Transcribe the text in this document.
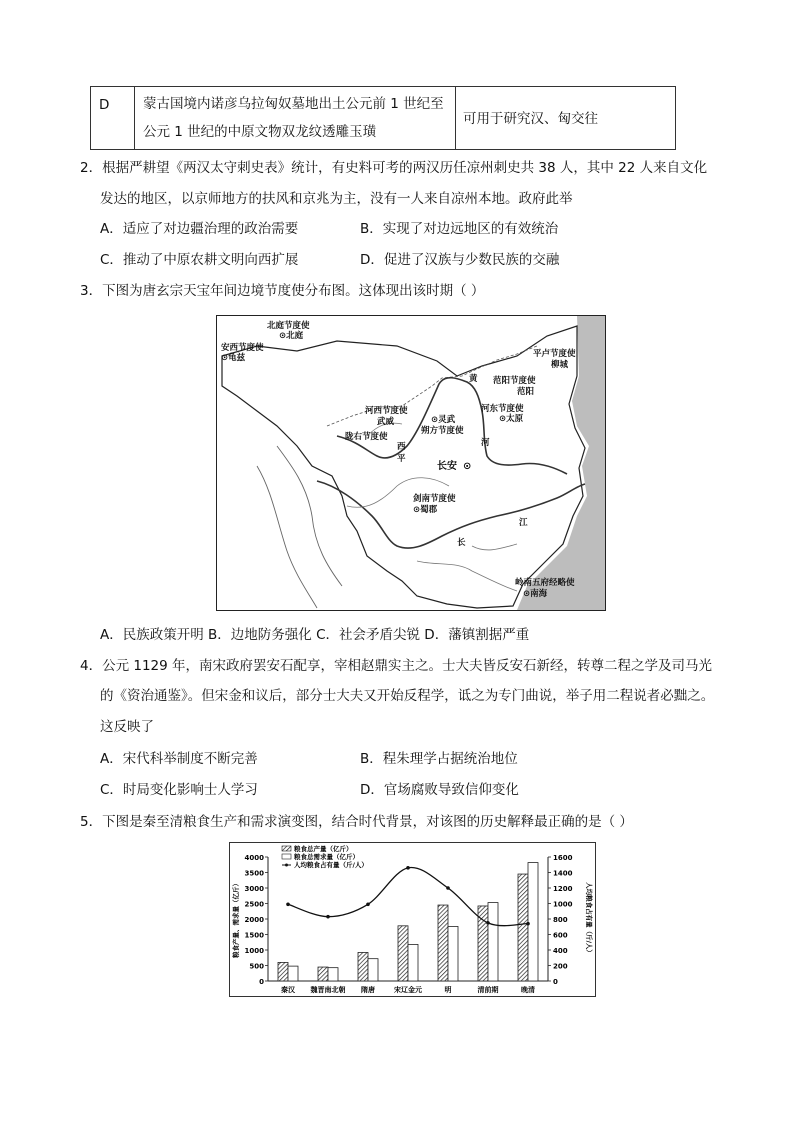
D 蒙古国境内诺彦乌拉匈奴墓地出土公元前 1 世纪至
公元 1 世纪的中原文物双龙纹透雕玉璜
可用于研究汉、匈交往
2．根据严耕望《两汉太守刺史表》统计，有史料可考的两汉历任凉州刺史共 38 人，其中 22 人来自文化
发达的地区，以京师地方的扶风和京兆为主，没有一人来自凉州本地。政府此举
A．适应了对边疆治理的政治需要	B．实现了对边远地区的有效统治
C．推动了中原农耕文明向西扩展	D．促进了汉族与少数民族的交融
3．下图为唐玄宗天宝年间边境节度使分布图。这体现出该时期（ ）
北庭节度使
⊙北庭
安西节度使
⊙龟兹	平卢节度使
柳城
黄 范阳节度使
范阳
河东节度使
⊙太原
河西节度使
武威	⊙灵武
朔方节度使
陇右节度使
西
平
河
长安 ⊙
剑南节度使
⊙蜀郡
江
长
岭南五府经略使
⊙南海
A．民族政策开明 B．边地防务强化 C．社会矛盾尖锐 D．藩镇割据严重
4．公元 1129 年，南宋政府罢安石配享，宰相赵鼎实主之。士大夫皆反安石新经，转尊二程之学及司马光
的《资治通鉴》。但宋金和议后，部分士大夫又开始反程学，诋之为专门曲说，举子用二程说者必黜之。
这反映了
A．宋代科举制度不断完善	B．程朱理学占据统治地位
C．时局变化影响士人学习	D．官场腐败导致信仰变化
5．下图是秦至清粮食生产和需求演变图，结合时代背景，对该图的历史解释最正确的是（ ）
0
500
1000
1500
2000
2500
3000
3500
4000
0
200
400
600
800
1000
1200
1400
1600
粮食产量、需求量（亿斤）	人均粮食占有量（斤/人）
秦汉 魏晋南北朝 隋唐	宋辽金元	明	清前期	晚清
粮食总产量（亿斤）
粮食总需求量（亿斤）
人均粮食占有量（斤/人）
